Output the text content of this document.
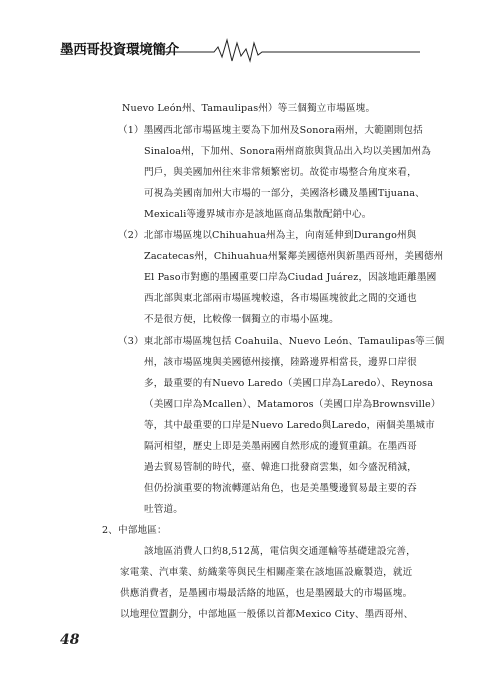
墨西哥投資環境簡介
Nuevo León州、Tamaulipas州）等三個獨立市場區塊。
（1）墨國西北部市場區塊主要為下加州及Sonora兩州，大範圍則包括
Sinaloa州，下加州、Sonora兩州商旅與貨品出入均以美國加州為
門戶，與美國加州往來非常頻繁密切。故從市場整合角度來看，
可視為美國南加州大市場的一部分，美國洛杉磯及墨國Tijuana、
Mexicali等邊界城市亦是該地區商品集散配銷中心。
（2）北部市場區塊以Chihuahua州為主，向南延伸到Durango州與
Zacatecas州，Chihuahua州緊鄰美國德州與新墨西哥州，美國德州
El Paso市對應的墨國重要口岸為Ciudad Juárez，因該地距離墨國
西北部與東北部兩市場區塊較遠，各市場區塊彼此之間的交通也
不是很方便，比較像一個獨立的市場小區塊。
（3）東北部市場區塊包括 Coahuila、Nuevo León、Tamaulipas等三個
州，該市場區塊與美國德州接攘，陸路邊界相當長，邊界口岸很
多，最重要的有Nuevo Laredo（美國口岸為Laredo）、Reynosa
（美國口岸為Mcallen）、Matamoros（美國口岸為Brownsville）
等，其中最重要的口岸是Nuevo Laredo與Laredo，兩個美墨城市
隔河相望，歷史上即是美墨兩國自然形成的邊貿重鎮。在墨西哥
過去貿易管制的時代，臺、韓進口批發商雲集，如今盛況稍減，
但仍扮演重要的物流轉運站角色，也是美墨雙邊貿易最主要的吞
吐管道。
2、中部地區：
該地區消費人口約8,512萬，電信與交通運輸等基礎建設完善，
家電業、汽車業、紡織業等與民生相關產業在該地區設廠製造，就近
供應消費者，是墨國市場最活絡的地區，也是墨國最大的市場區塊。
以地理位置劃分，中部地區一般係以首都Mexico City、墨西哥州、
48
